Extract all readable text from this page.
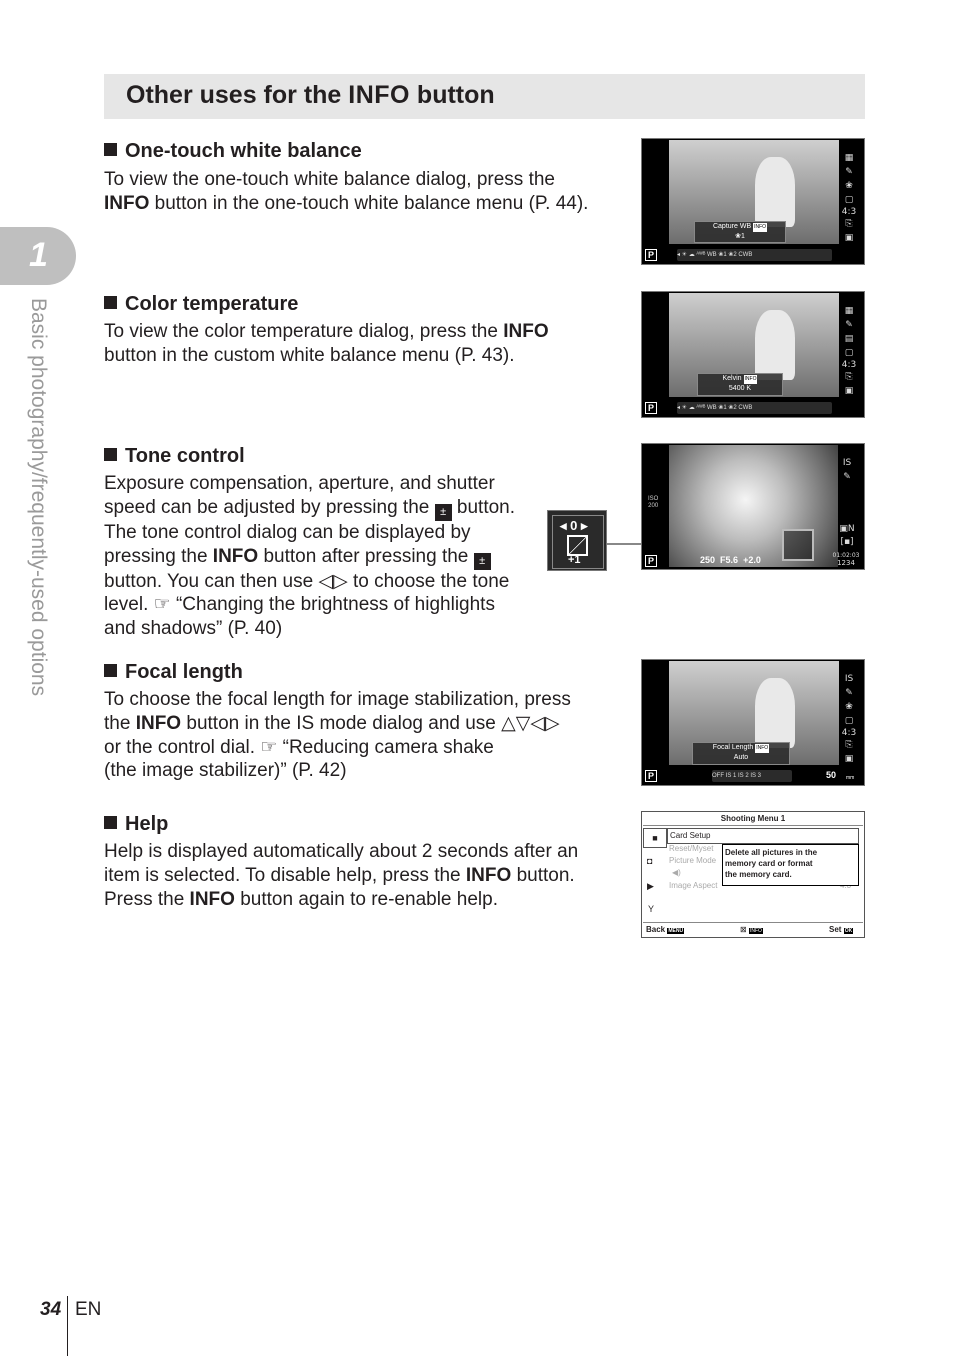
Other uses for the INFO button
1
Basic photography/frequently-used options
One-touch white balance
To view the one-touch white balance dialog, press the
INFO button in the one-touch white balance menu (P. 44).
Capture WB INFO
❀1
▦
✎
❀
▢
4:3
⎘
▣
P	◂ ☀ ☁ ᴬᵂᴮ WB ❀1 ❀2 CWB
Color temperature
To view the color temperature dialog, press the INFO
button in the custom white balance menu (P. 43).
Kelvin INFO
5400 K
▦
✎
▤
▢
4:3
⎘
▣
P	◂ ☀ ☁ ᴬᵂᴮ WB ❀1 ❀2 CWB
Tone control
Exposure compensation, aperture, and shutter
speed can be adjusted by pressing the ± button.
The tone control dialog can be displayed by
pressing the INFO button after pressing the ±
button. You can then use ◁▷ to choose the tone
level. ☞ “Changing the brightness of highlights
and shadows” (P. 40)
◂ 0 ▸
+1
ISO
200
IS
✎
▣N
[▪]
01:02:03
1234
P	250 F5.6 +2.0
Focal length
To choose the focal length for image stabilization, press
the INFO button in the IS mode dialog and use △▽◁▷
or the control dial. ☞ “Reducing camera shake
(the image stabilizer)” (P. 42)
Focal Length INFO
Auto
IS
✎
❀
▢
4:3
⎘
▣
P	OFF IS 1 IS 2 IS 3	50 mm
Help
Help is displayed automatically about 2 seconds after an
item is selected. To disable help, press the INFO button.
Press the INFO button again to re-enable help.
Shooting Menu 1
■
◘
▶
Y
Card Setup
Reset/Myset
Picture Mode
◀)
Image Aspect
Delete all pictures in the
memory card or format
the memory card.
Back MENU	⊠ INFO	Set OK
34 EN
